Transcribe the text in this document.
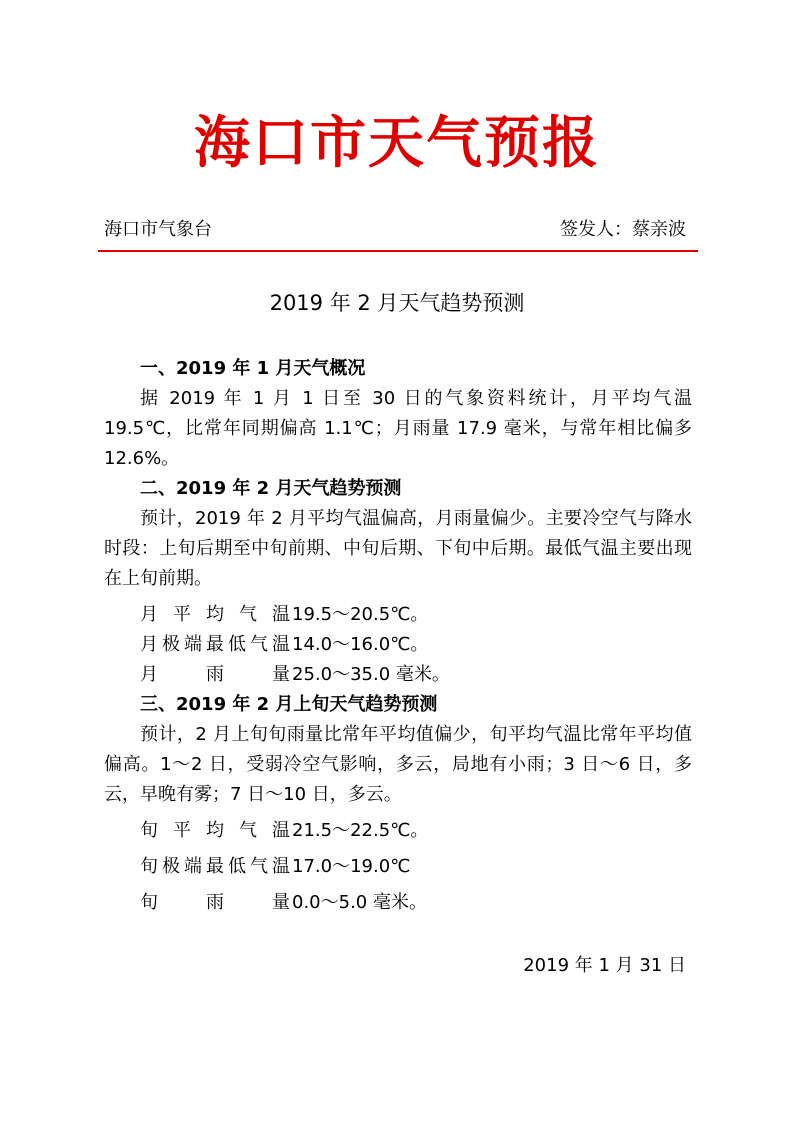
海口市天气预报
海口市气象台	签发人：蔡亲波
2019 年 2 月天气趋势预测
一、2019 年 1 月天气概况

据 2019 年 1 月 1 日至 30 日的气象资料统计，月平均气温 19.5℃，比常年同期偏高 1.1℃；月雨量 17.9 毫米，与常年相比偏多 12.6%。

二、2019 年 2 月天气趋势预测

预计，2019 年 2 月平均气温偏高，月雨量偏少。主要冷空气与降水时段：上旬后期至中旬前期、中旬后期、下旬中后期。最低气温主要出现在上旬前期。

月平均气温 19.5～20.5℃。
月极端最低气温 14.0～16.0℃。
月雨量 25.0～35.0 毫米。
三、2019 年 2 月上旬天气趋势预测

预计，2 月上旬旬雨量比常年平均值偏少，旬平均气温比常年平均值偏高。1～2 日，受弱冷空气影响，多云，局地有小雨；3 日～6 日，多云，早晚有雾；7 日～10 日，多云。

旬平均气温 21.5～22.5℃。
旬极端最低气温 17.0～19.0℃
旬雨量 0.0～5.0 毫米。
2019 年 1 月 31 日
